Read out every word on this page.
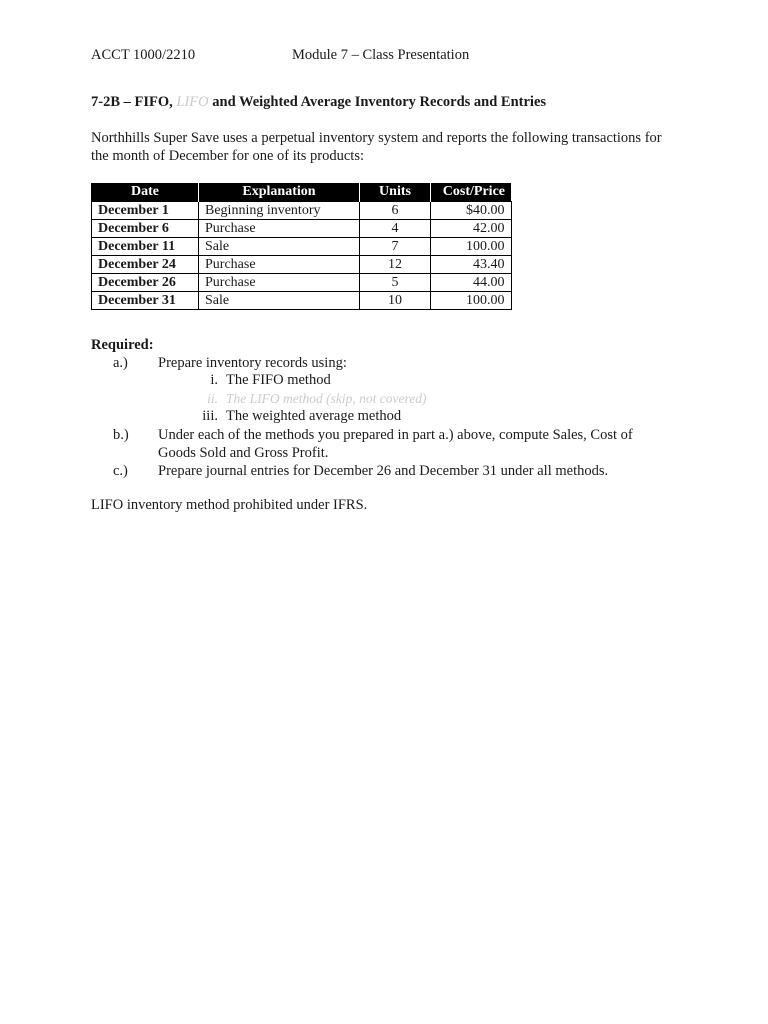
ACCT 1000/2210	Module 7 – Class Presentation
7-2B – FIFO, LIFO and Weighted Average Inventory Records and Entries
Northhills Super Save uses a perpetual inventory system and reports the following transactions for the month of December for one of its products:
Date	Explanation	Units	Cost/Price
December 1	Beginning inventory	6	$40.00
December 6	Purchase	4	42.00
December 11	Sale	7	100.00
December 24	Purchase	12	43.40
December 26	Purchase	5	44.00
December 31	Sale	10	100.00
Required:
a.) Prepare inventory records using:
i. The FIFO method
ii. The LIFO method (skip, not covered)
iii. The weighted average method
b.) Under each of the methods you prepared in part a.) above, compute Sales, Cost of Goods Sold and Gross Profit.
c.) Prepare journal entries for December 26 and December 31 under all methods.
LIFO inventory method prohibited under IFRS.
